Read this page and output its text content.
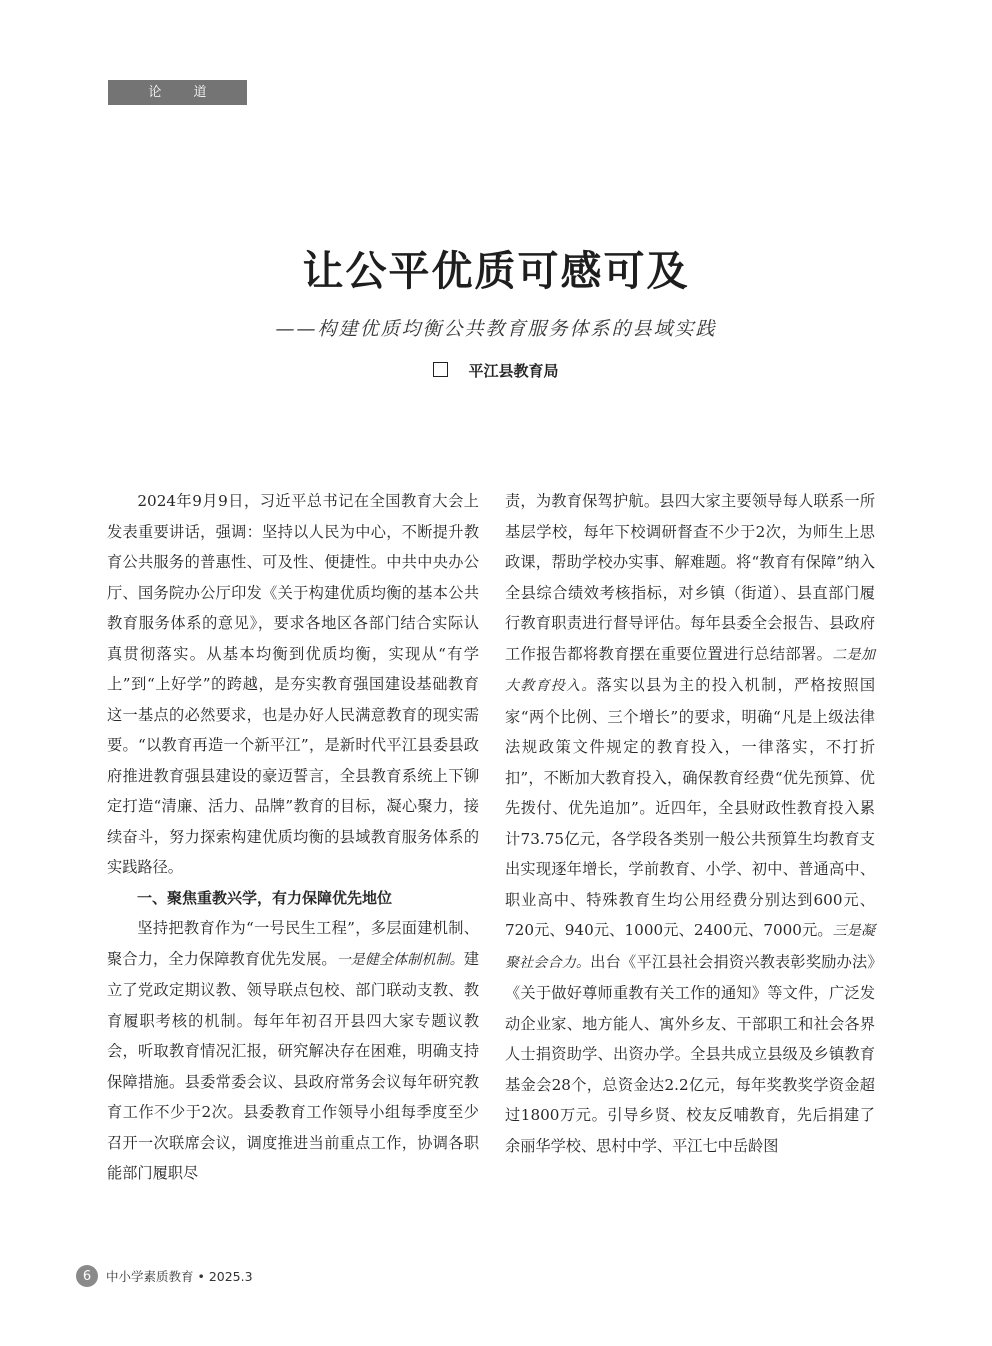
论 道
让公平优质可感可及
——构建优质均衡公共教育服务体系的县域实践
平江县教育局

2024年9月9日，习近平总书记在全国教育大会上发表重要讲话，强调：坚持以人民为中心，不断提升教育公共服务的普惠性、可及性、便捷性。中共中央办公厅、国务院办公厅印发《关于构建优质均衡的基本公共教育服务体系的意见》，要求各地区各部门结合实际认真贯彻落实。从基本均衡到优质均衡，实现从“有学上”到“上好学”的跨越，是夯实教育强国建设基础教育这一基点的必然要求，也是办好人民满意教育的现实需要。“以教育再造一个新平江”，是新时代平江县委县政府推进教育强县建设的豪迈誓言，全县教育系统上下铆定打造“清廉、活力、品牌”教育的目标，凝心聚力，接续奋斗，努力探索构建优质均衡的县域教育服务体系的实践路径。

一、聚焦重教兴学，有力保障优先地位

坚持把教育作为“一号民生工程”，多层面建机制、聚合力，全力保障教育优先发展。一是健全体制机制。建立了党政定期议教、领导联点包校、部门联动支教、教育履职考核的机制。每年年初召开县四大家专题议教会，听取教育情况汇报，研究解决存在困难，明确支持保障措施。县委常委会议、县政府常务会议每年研究教育工作不少于2次。县委教育工作领导小组每季度至少召开一次联席会议，调度推进当前重点工作，协调各职能部门履职尽

责，为教育保驾护航。县四大家主要领导每人联系一所基层学校，每年下校调研督查不少于2次，为师生上思政课，帮助学校办实事、解难题。将“教育有保障”纳入全县综合绩效考核指标，对乡镇（街道）、县直部门履行教育职责进行督导评估。每年县委全会报告、县政府工作报告都将教育摆在重要位置进行总结部署。二是加大教育投入。落实以县为主的投入机制，严格按照国家“两个比例、三个增长”的要求，明确“凡是上级法律法规政策文件规定的教育投入，一律落实，不打折扣”，不断加大教育投入，确保教育经费“优先预算、优先拨付、优先追加”。近四年，全县财政性教育投入累计73.75亿元，各学段各类别一般公共预算生均教育支出实现逐年增长，学前教育、小学、初中、普通高中、职业高中、特殊教育生均公用经费分别达到600元、720元、940元、1000元、2400元、7000元。三是凝聚社会合力。出台《平江县社会捐资兴教表彰奖励办法》《关于做好尊师重教有关工作的通知》等文件，广泛发动企业家、地方能人、寓外乡友、干部职工和社会各界人士捐资助学、出资办学。全县共成立县级及乡镇教育基金会28个，总资金达2.2亿元，每年奖教奖学资金超过1800万元。引导乡贤、校友反哺教育，先后捐建了余丽华学校、思村中学、平江七中岳龄图

6	中小学素质教育 • 2025.3
